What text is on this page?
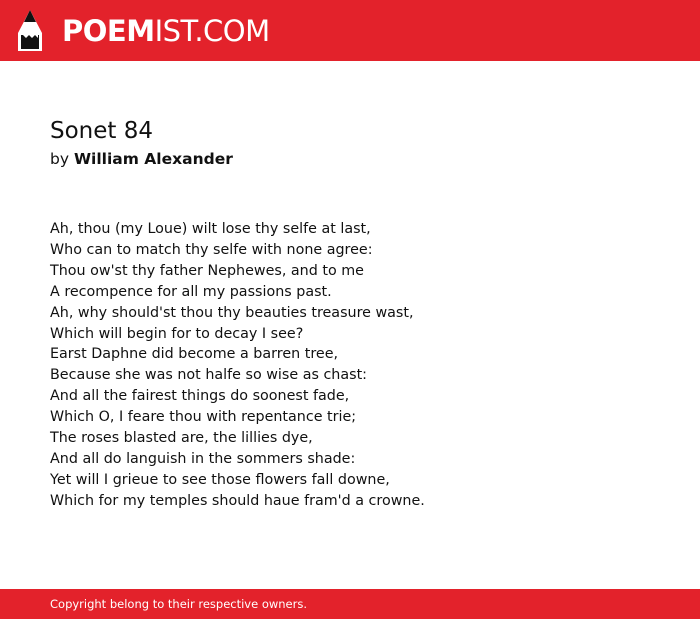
POEMIST.COM
Sonet 84
by William Alexander
Ah, thou (my Loue) wilt lose thy selfe at last,
Who can to match thy selfe with none agree:
Thou ow'st thy father Nephewes, and to me
A recompence for all my passions past.
Ah, why should'st thou thy beauties treasure wast,
Which will begin for to decay I see?
Earst Daphne did become a barren tree,
Because she was not halfe so wise as chast:
And all the fairest things do soonest fade,
Which O, I feare thou with repentance trie;
The roses blasted are, the lillies dye,
And all do languish in the sommers shade:
Yet will I grieue to see those flowers fall downe,
Which for my temples should haue fram'd a crowne.
Copyright belong to their respective owners.
